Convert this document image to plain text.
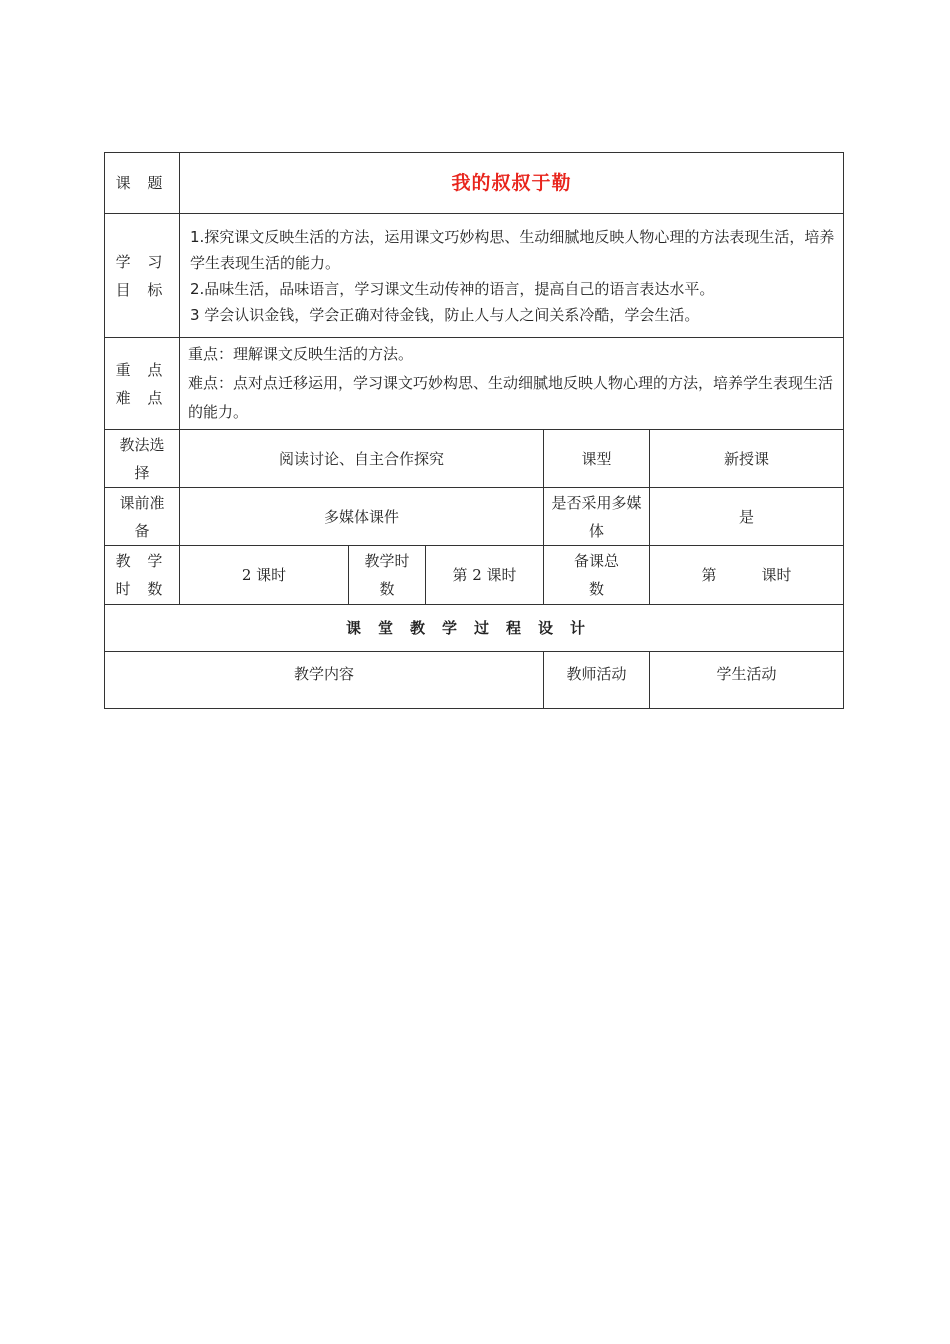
课 题	我的叔叔于勒				
学 习 目 标	1.探究课文反映生活的方法，运用课文巧妙构思、生动细腻地反映人物心理的方法表现生活，培养学生表现生活的能力。
2.品味生活，品味语言，学习课文生动传神的语言，提高自己的语言表达水平。
3 学会认识金钱，学会正确对待金钱，防止人与人之间关系冷酷，学会生活。				

重 点 难 点	重点：理解课文反映生活的方法。
难点：点对点迁移运用，学习课文巧妙构思、生动细腻地反映人物心理的方法，培养学生表现生活的能力。				

教法选择	阅读讨论、自主合作探究			课型	新授课
课前准备	多媒体课件			是否采用多媒 体	是
教 学 时 数	2 课时	教学时数	第 2 课时	备课总数	第　　　课时
课堂教学过程设计					
教学内容				教师活动	学生活动
